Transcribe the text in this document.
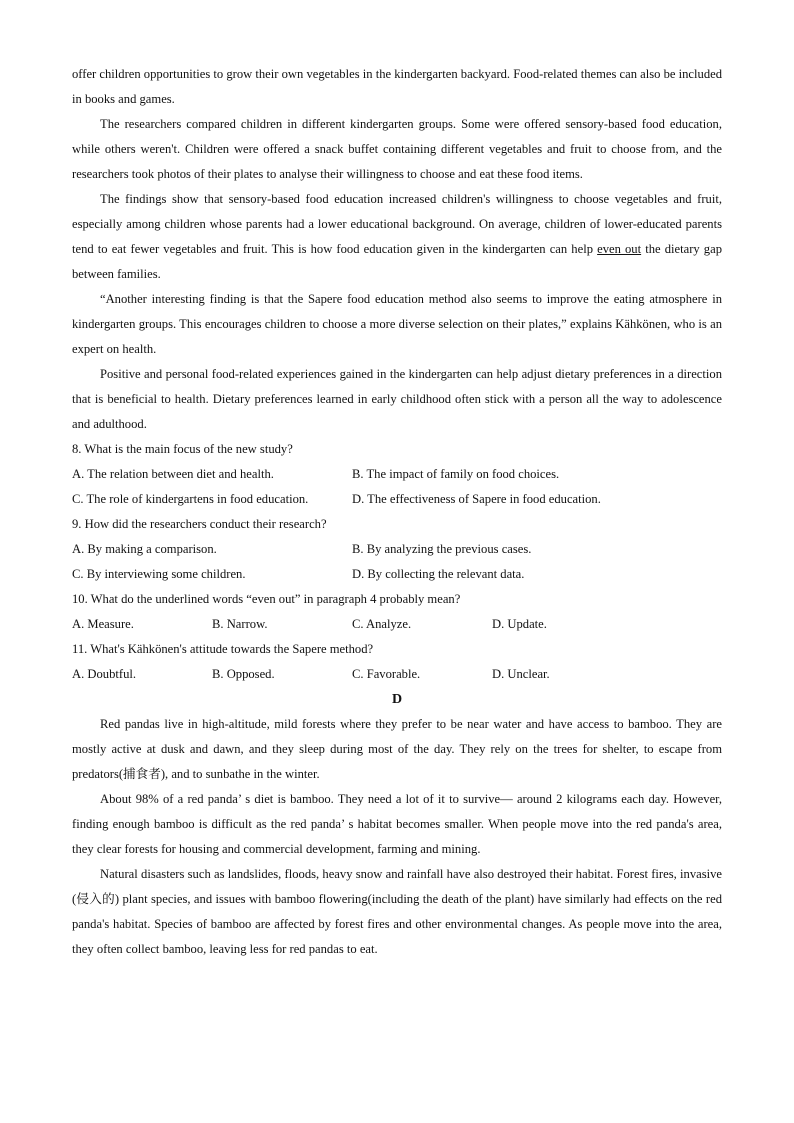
offer children opportunities to grow their own vegetables in the kindergarten backyard. Food-related themes can also be included in books and games.

The researchers compared children in different kindergarten groups. Some were offered sensory-based food education, while others weren't. Children were offered a snack buffet containing different vegetables and fruit to choose from, and the researchers took photos of their plates to analyse their willingness to choose and eat these food items.

The findings show that sensory-based food education increased children's willingness to choose vegetables and fruit, especially among children whose parents had a lower educational background. On average, children of lower-educated parents tend to eat fewer vegetables and fruit. This is how food education given in the kindergarten can help even out the dietary gap between families.

“Another interesting finding is that the Sapere food education method also seems to improve the eating atmosphere in kindergarten groups. This encourages children to choose a more diverse selection on their plates,” explains Kähkönen, who is an expert on health.

Positive and personal food-related experiences gained in the kindergarten can help adjust dietary preferences in a direction that is beneficial to health. Dietary preferences learned in early childhood often stick with a person all the way to adolescence and adulthood.

8. What is the main focus of the new study?
A. The relation between diet and health.	B. The impact of family on food choices.
C. The role of kindergartens in food education.	D. The effectiveness of Sapere in food education.
9. How did the researchers conduct their research?
A. By making a comparison.	B. By analyzing the previous cases.
C. By interviewing some children.	D. By collecting the relevant data.
10. What do the underlined words “even out” in paragraph 4 probably mean?
A. Measure.	B. Narrow.	C. Analyze.	D. Update.
11. What's Kähkönen's attitude towards the Sapere method?
A. Doubtful.	B. Opposed.	C. Favorable.	D. Unclear.
D

Red pandas live in high-altitude, mild forests where they prefer to be near water and have access to bamboo. They are mostly active at dusk and dawn, and they sleep during most of the day. They rely on the trees for shelter, to escape from predators(捕食者), and to sunbathe in the winter.

About 98% of a red panda’ s diet is bamboo. They need a lot of it to survive— around 2 kilograms each day. However, finding enough bamboo is difficult as the red panda’ s habitat becomes smaller. When people move into the red panda's area, they clear forests for housing and commercial development, farming and mining.

Natural disasters such as landslides, floods, heavy snow and rainfall have also destroyed their habitat. Forest fires, invasive (侵入的) plant species, and issues with bamboo flowering(including the death of the plant) have similarly had effects on the red panda's habitat. Species of bamboo are affected by forest fires and other environmental changes. As people move into the area, they often collect bamboo, leaving less for red pandas to eat.
